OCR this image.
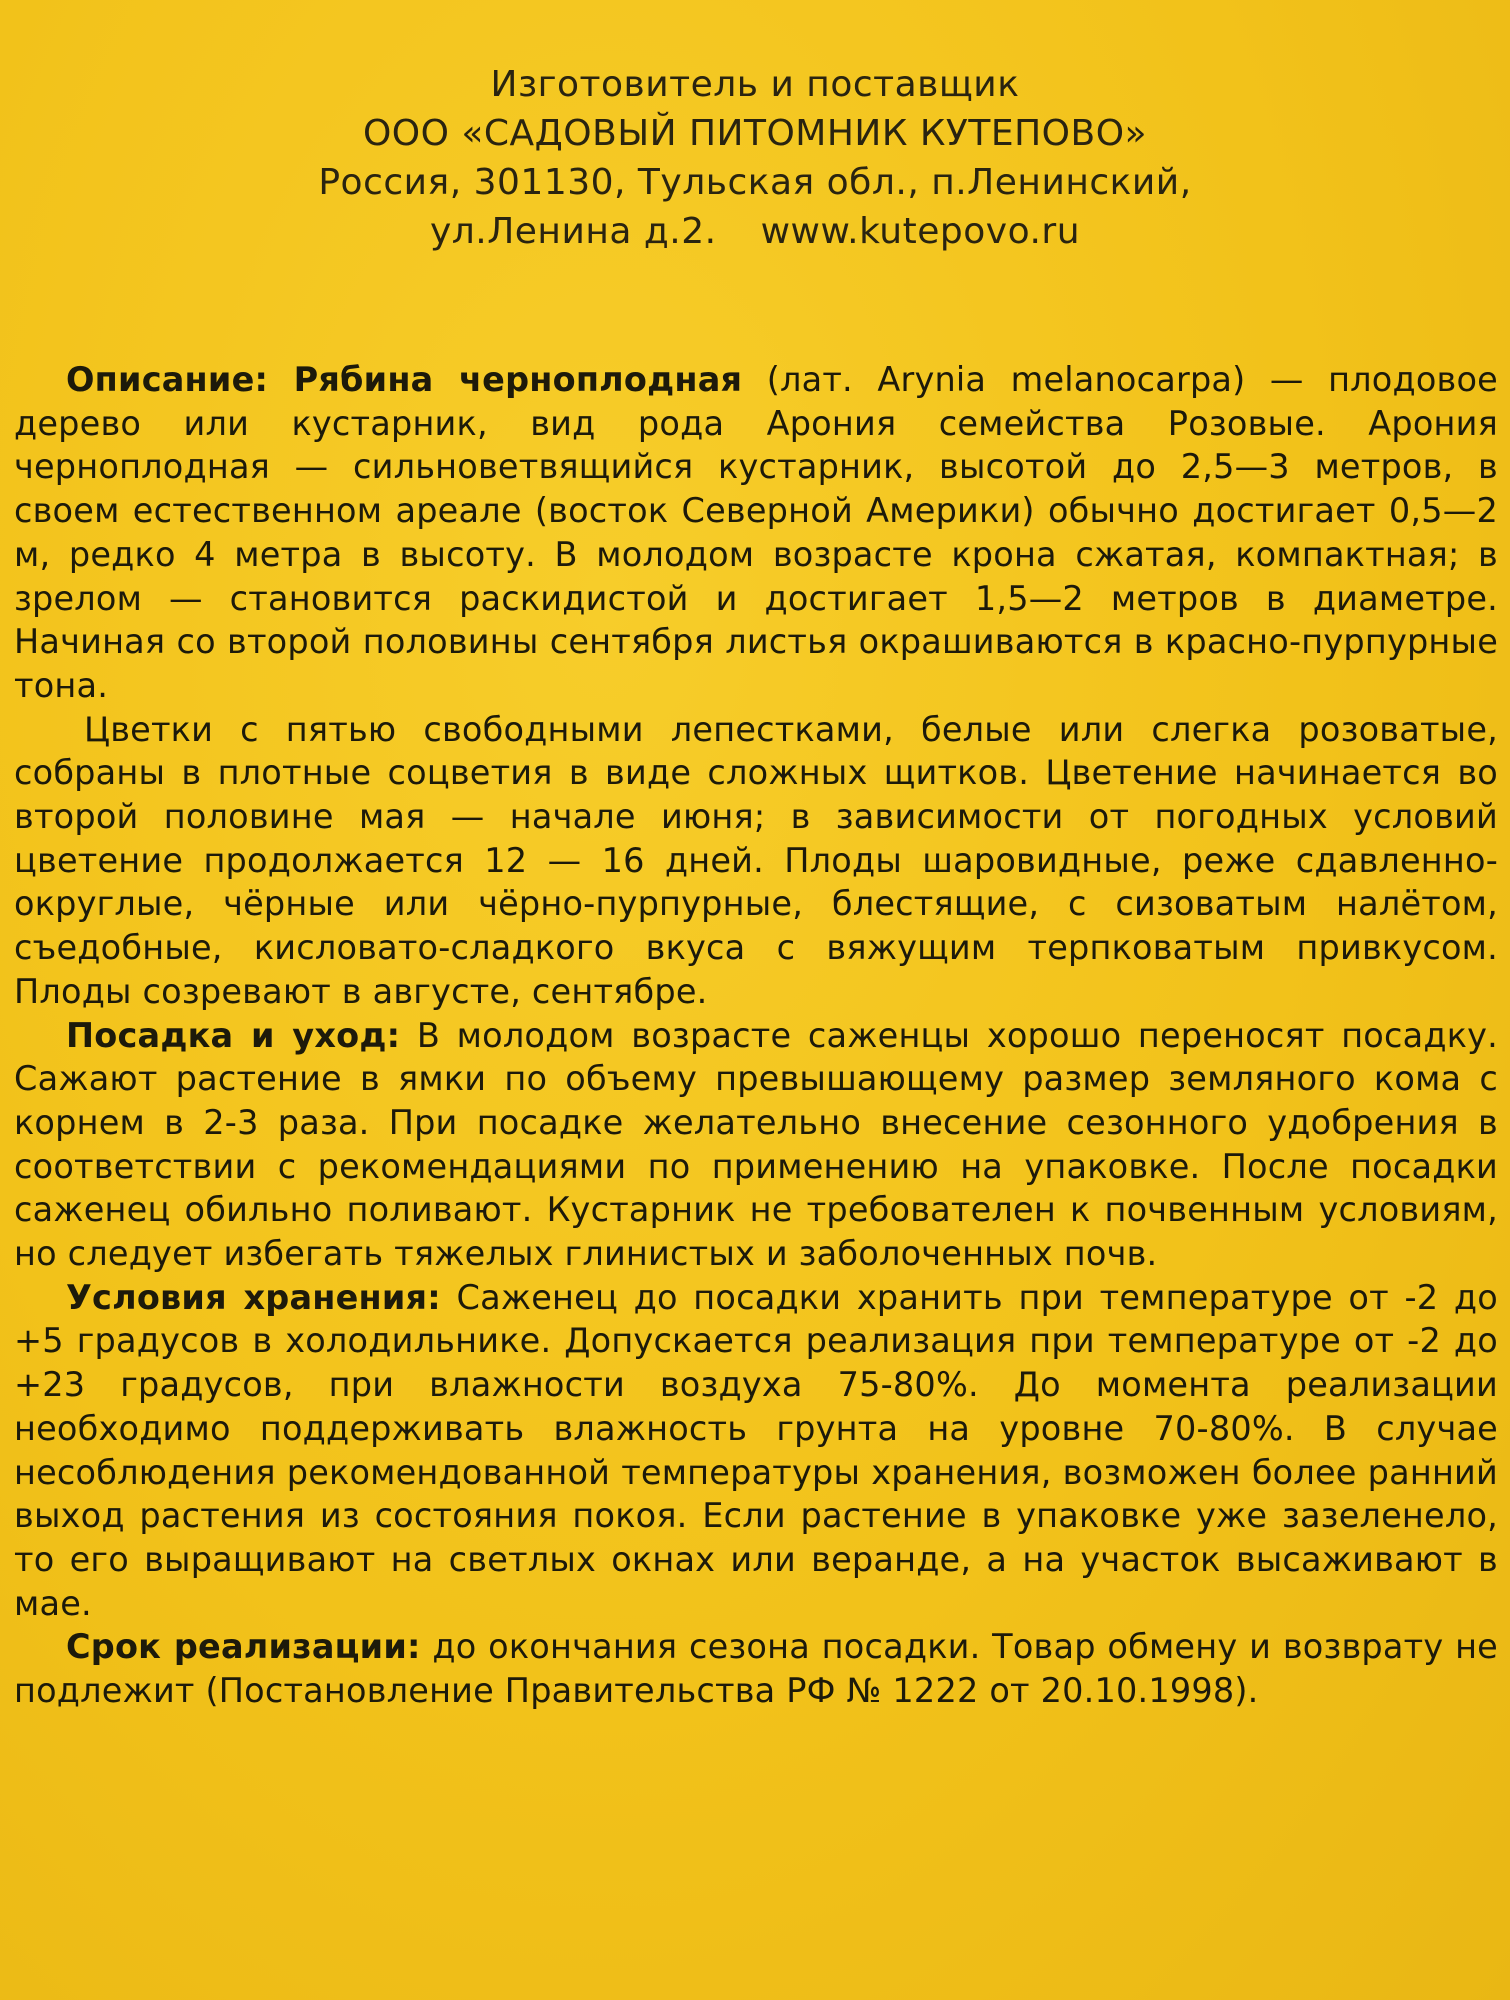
Изготовитель и поставщик
ООО «САДОВЫЙ ПИТОМНИК КУТЕПОВО»
Россия, 301130, Тульская обл., п.Ленинский,
ул.Ленина д.2. www.kutepovo.ru

Описание: Рябина черноплодная (лат. Arynia melanocarpa) — плодовое дерево или кустарник, вид рода Арония семейства Розовые. Арония черноплодная — сильноветвящийся кустарник, высотой до 2,5—3 метров, в своем естественном ареале (восток Северной Америки) обычно достигает 0,5—2 м, редко 4 метра в высоту. В молодом возрасте крона сжатая, компактная; в зрелом — становится раскидистой и достигает 1,5—2 метров в диаметре. Начиная со второй половины сентября листья окрашиваются в красно-пурпурные тона.

Цветки с пятью свободными лепестками, белые или слегка розоватые, собраны в плотные соцветия в виде сложных щитков. Цветение начинается во второй половине мая — начале июня; в зависимости от погодных условий цветение продолжается 12 — 16 дней. Плоды шаровидные, реже сдавленно-округлые, чёрные или чёрно-пурпурные, блестящие, с сизоватым налётом, съедобные, кисловато-сладкого вкуса с вяжущим терпковатым привкусом. Плоды созревают в августе, сентябре.

Посадка и уход: В молодом возрасте саженцы хорошо переносят посадку. Сажают растение в ямки по объему превышающему размер земляного кома с корнем в 2-3 раза. При посадке желательно внесение сезонного удобрения в соответствии с рекомендациями по применению на упаковке. После посадки саженец обильно поливают. Кустарник не требователен к почвенным условиям, но следует избегать тяжелых глинистых и заболоченных почв.

Условия хранения: Саженец до посадки хранить при температуре от -2 до +5 градусов в холодильнике. Допускается реализация при температуре от -2 до +23 градусов, при влажности воздуха 75-80%. До момента реализации необходимо поддерживать влажность грунта на уровне 70-80%. В случае несоблюдения рекомендованной температуры хранения, возможен более ранний выход растения из состояния покоя. Если растение в упаковке уже зазеленело, то его выращивают на светлых окнах или веранде, а на участок высаживают в мае.

Срок реализации: до окончания сезона посадки. Товар обмену и возврату не подлежит (Постановление Правительства РФ № 1222 от 20.10.1998).
